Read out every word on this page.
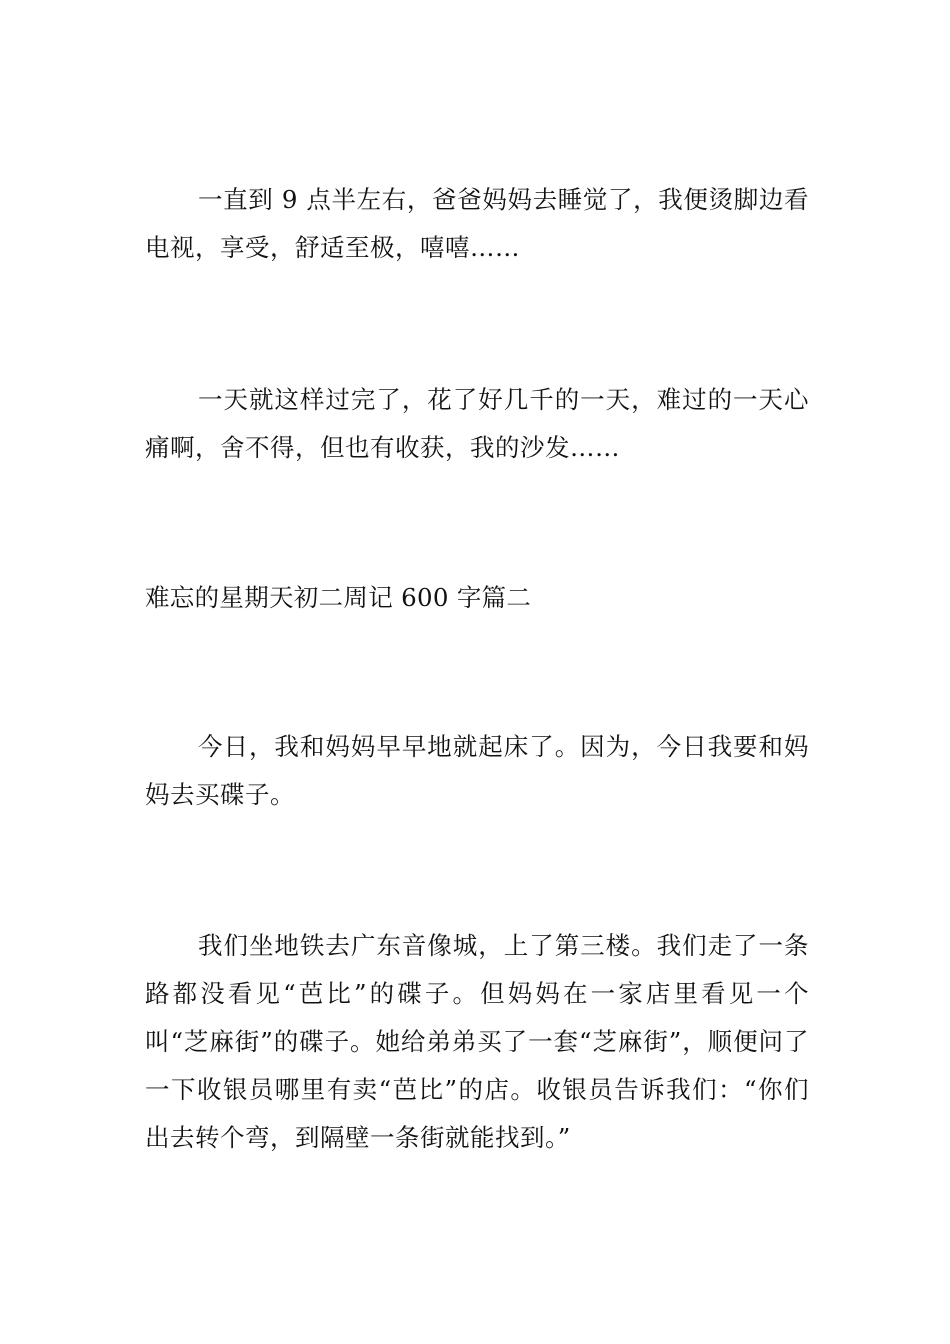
一直到 9 点半左右，爸爸妈妈去睡觉了，我便烫脚边看电视，享受，舒适至极，嘻嘻……

一天就这样过完了，花了好几千的一天，难过的一天心痛啊，舍不得，但也有收获，我的沙发……

难忘的星期天初二周记 600 字篇二

今日，我和妈妈早早地就起床了。因为，今日我要和妈妈去买碟子。

我们坐地铁去广东音像城，上了第三楼。我们走了一条路都没看见“芭比”的碟子。但妈妈在一家店里看见一个叫“芝麻街”的碟子。她给弟弟买了一套“芝麻街”，顺便问了一下收银员哪里有卖“芭比”的店。收银员告诉我们：“你们出去转个弯，到隔壁一条街就能找到。”
